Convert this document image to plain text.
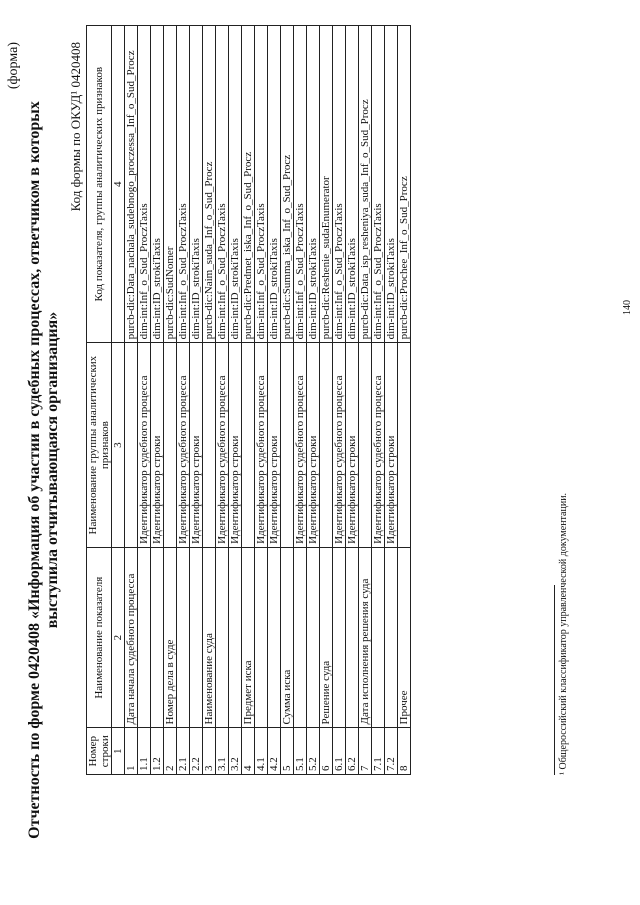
(форма)
Отчетность по форме 0420408 «Информация об участии в судебных процессах, ответчиком в которых выступила отчитывающаяся организация»
Код формы по ОКУД¹ 0420408
Номер строки	Наименование показателя	Наименование группы аналитических признаков	Код показателя, группы аналитических признаков
1	2	3	4
1	Дата начала судебного процесса		purcb-dic:Data_nachala_sudebnogo_proczessa_Inf_o_Sud_Procz
1.1		Идентификатор судебного процесса	dim-int:Inf_o_Sud_ProczTaxis
1.2		Идентификатор строки	dim-int:ID_strokiTaxis
2	Номер дела в суде		purcb-dic:SudNomer
2.1		Идентификатор судебного процесса	dim-int:Inf_o_Sud_ProczTaxis
2.2		Идентификатор строки	dim-int:ID_strokiTaxis
3	Наименование суда		purcb-dic:Naim_suda_Inf_o_Sud_Procz
3.1		Идентификатор судебного процесса	dim-int:Inf_o_Sud_ProczTaxis
3.2		Идентификатор строки	dim-int:ID_strokiTaxis
4	Предмет иска		purcb-dic:Predmet_iska_Inf_o_Sud_Procz
4.1		Идентификатор судебного процесса	dim-int:Inf_o_Sud_ProczTaxis
4.2		Идентификатор строки	dim-int:ID_strokiTaxis
5	Сумма иска		purcb-dic:Summa_iska_Inf_o_Sud_Procz
5.1		Идентификатор судебного процесса	dim-int:Inf_o_Sud_ProczTaxis
5.2		Идентификатор строки	dim-int:ID_strokiTaxis
6	Решение суда		purcb-dic:Reshenie_sudaEnumerator
6.1		Идентификатор судебного процесса	dim-int:Inf_o_Sud_ProczTaxis
6.2		Идентификатор строки	dim-int:ID_strokiTaxis
7	Дата исполнения решения суда		purcb-dic:Data_isp_resheniya_suda_Inf_o_Sud_Procz
7.1		Идентификатор судебного процесса	dim-int:Inf_o_Sud_ProczTaxis
7.2		Идентификатор строки	dim-int:ID_strokiTaxis
8	Прочее		purcb-dic:Prochee_Inf_o_Sud_Procz
¹ Общероссийский классификатор управленческой документации.
140
